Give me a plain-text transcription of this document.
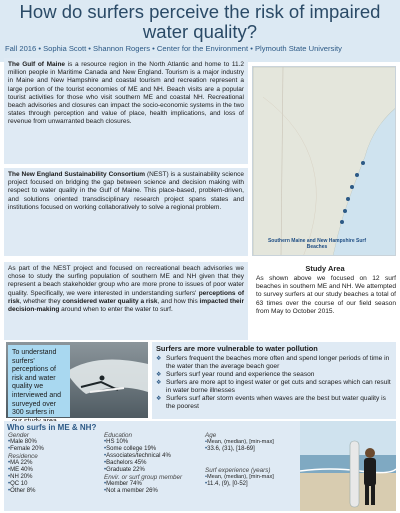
How do surfers perceive the risk of impaired water quality?
Fall 2016 • Sophia Scott • Shannon Rogers • Center for the Environment • Plymouth State University
The Gulf of Maine is a resource region in the North Atlantic and home to 11.2 million people in Maritime Canada and New England. Tourism is a major industry in Maine and New Hampshire and coastal tourism and recreation represent a large portion of the tourist economies of ME and NH. Beach visits are a popular tourist activities for those who visit southern ME and coastal NH. Recreational beach advisories and closures can impact the socio-economic systems in the two states through perception and value of place, health implications, and loss of revenue from unwarranted beach closures.
The New England Sustainability Consortium (NEST) is a sustainability science project focused on bridging the gap between science and decision making with respect to water quality in the Gulf of Maine. This place-based, problem-driven, and solutions oriented transdisciplinary research project spans states and institutions focused on working collaboratively to solve a regional problem.
Southern Maine and New Hampshire Surf Beaches
As part of the NEST project and focused on recreational beach advisories we chose to study the surfing population of southern ME and NH given that they represent a beach stakeholder group who are more prone to issues of poor water quality. Specifically, we were interested in understanding surfers' perceptions of risk, whether they considered water quality a risk, and how this impacted their decision-making around when to enter the water to surf.
Study Area
As shown above we focused on 12 surf beaches in southern ME and NH. We attempted to survey surfers at our study beaches a total of 63 times over the course of our field season from May to October 2015.
To understand surfers' perceptions of risk and water quality we interviewed and surveyed over 300 surfers in
Surfers are more vulnerable to water pollution
❖ Surfers frequent the beaches more often and spend longer periods of time in the water than the average beach goer
❖ Surfers surf year round and experience the season
❖ Surfers are more apt to ingest water or get cuts and scrapes which can result in water borne illnesses
❖ Surfers surf after storm events when waves are the best but water quality is the poorest
Who surfs in ME & NH?
Gender
• Male 80%
• Female 20%
Residence
• MA 22%
• ME 40%
• NH 20%
• QC 10
• Other 8%
Education
• HS 10%
• Some college 19%
• Associates/technical 4%
• Bachelors 45%
• Graduate 22%
Envir. or surf group member
• Member 74%
• Not a member 26%
Age
• Mean, (median), [min-max]
• 33.6, (31), [18-69]
Surf experience (years)
• Mean, (median), [min-max]
• 11.4, (9), [0-52]
